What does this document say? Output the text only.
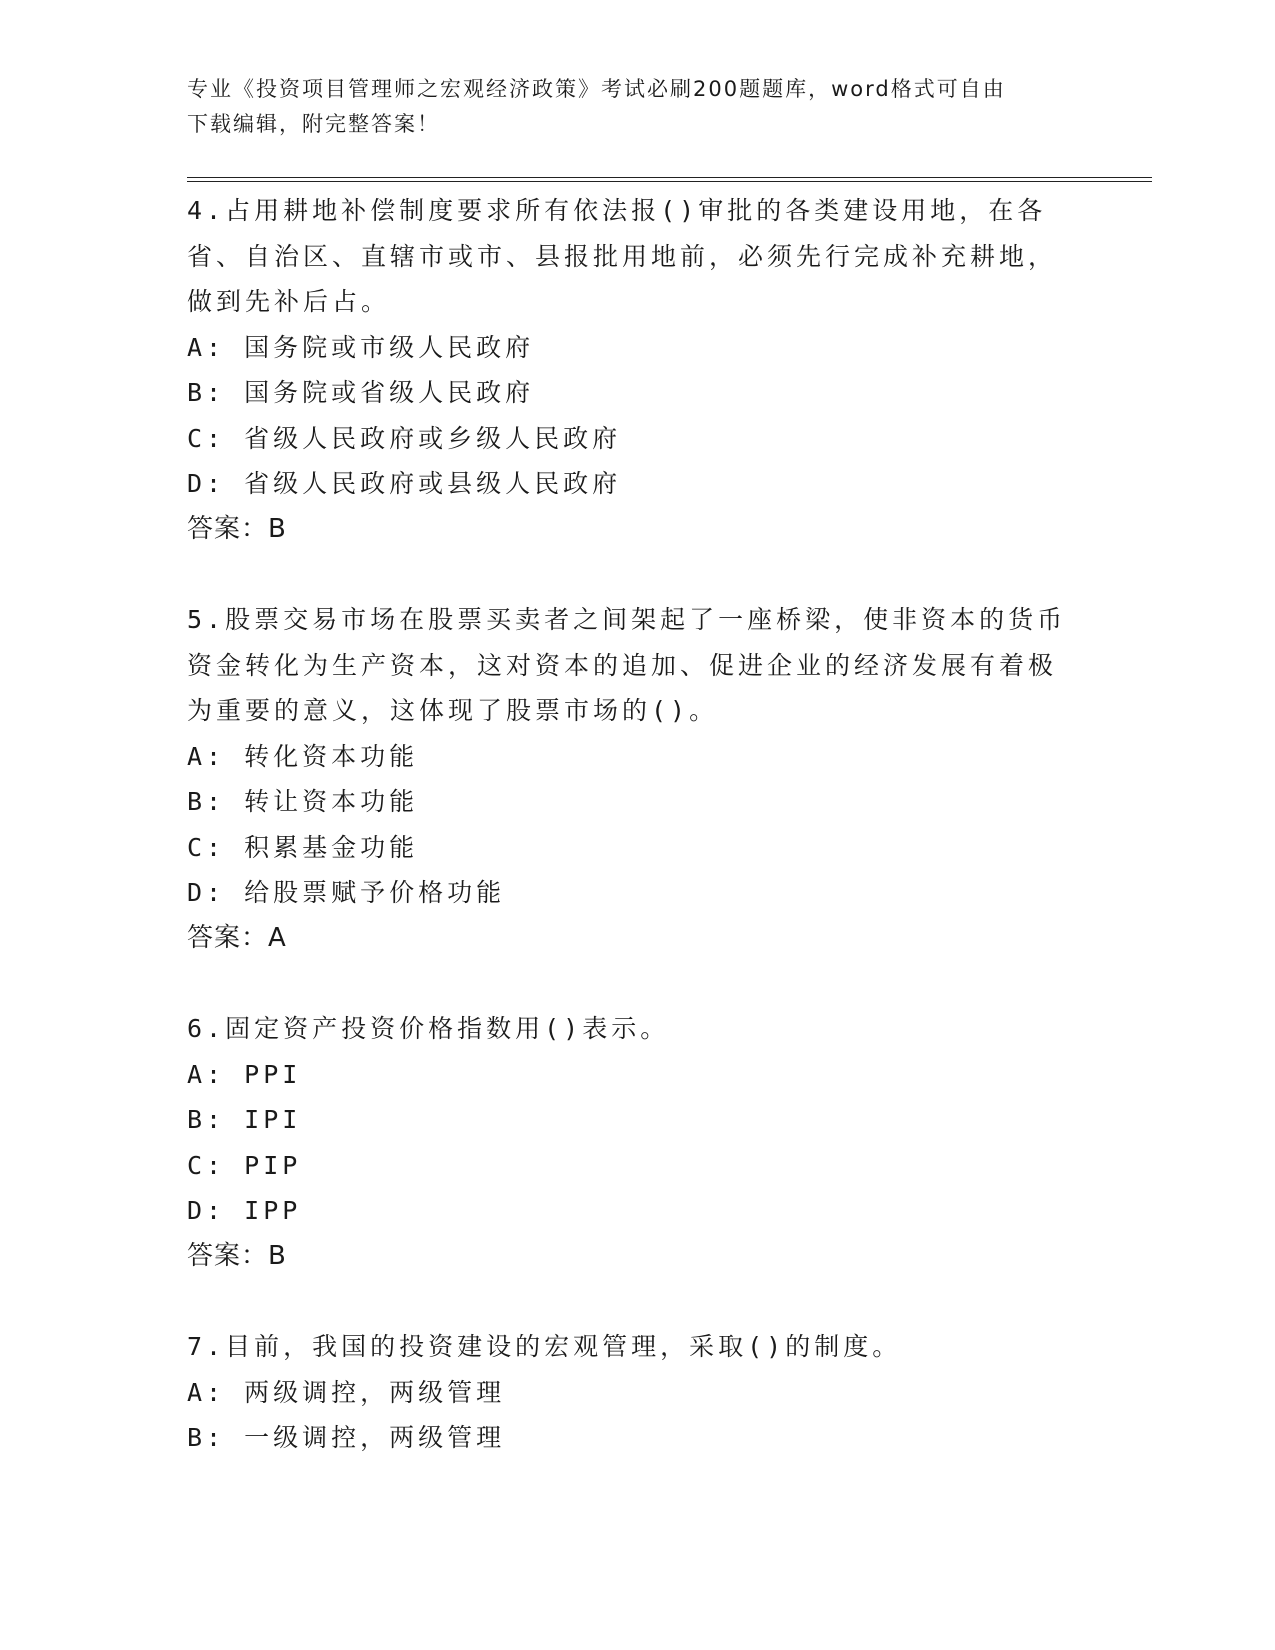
专业《投资项目管理师之宏观经济政策》考试必刷200题题库，word格式可自由
下载编辑，附完整答案！

4.占用耕地补偿制度要求所有依法报()审批的各类建设用地，在各省、自治区、直辖市或市、县报批用地前，必须先行完成补充耕地，做到先补后占。

A: 国务院或市级人民政府

B: 国务院或省级人民政府

C: 省级人民政府或乡级人民政府

D: 省级人民政府或县级人民政府

答案：B

5.股票交易市场在股票买卖者之间架起了一座桥梁，使非资本的货币资金转化为生产资本，这对资本的追加、促进企业的经济发展有着极为重要的意义，这体现了股票市场的()。

A: 转化资本功能

B: 转让资本功能

C: 积累基金功能

D: 给股票赋予价格功能

答案：A

6.固定资产投资价格指数用()表示。

A: PPI

B: IPI

C: PIP

D: IPP

答案：B

7.目前，我国的投资建设的宏观管理，采取()的制度。

A: 两级调控，两级管理

B: 一级调控，两级管理
